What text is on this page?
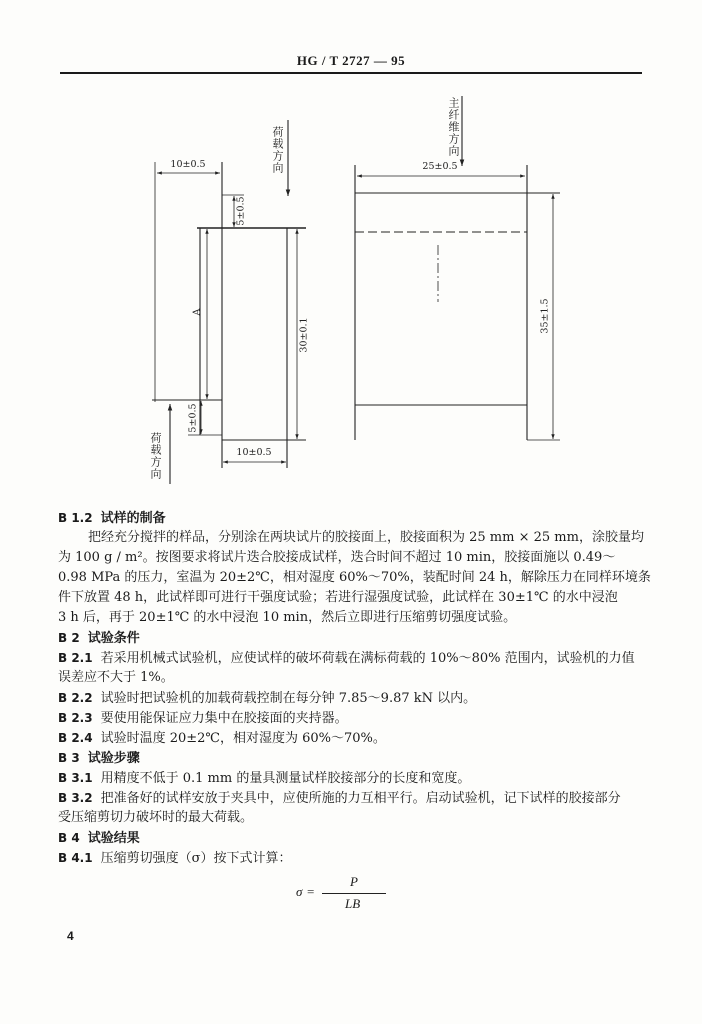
HG / T 2727 — 95
10±0.5
5±0.5
A
30±0.1
5±0.5
10±0.5
25±0.5
35±1.5
荷载方向
荷载方向
主纤维方向
B 1.2 试样的制备
把经充分搅拌的样品，分别涂在两块试片的胶接面上，胶接面积为 25 mm × 25 mm，涂胶量均
为 100 g / m²。按图要求将试片迭合胶接成试样，迭合时间不超过 10 min，胶接面施以 0.49～
0.98 MPa 的压力，室温为 20±2℃，相对湿度 60%～70%，装配时间 24 h，解除压力在同样环境条
件下放置 48 h，此试样即可进行干强度试验；若进行湿强度试验，此试样在 30±1℃ 的水中浸泡
3 h 后，再于 20±1℃ 的水中浸泡 10 min，然后立即进行压缩剪切强度试验。
B 2 试验条件
B 2.1 若采用机械式试验机，应使试样的破坏荷载在满标荷载的 10%～80% 范围内，试验机的力值
误差应不大于 1%。
B 2.2 试验时把试验机的加载荷载控制在每分钟 7.85～9.87 kN 以内。
B 2.3 要使用能保证应力集中在胶接面的夹持器。
B 2.4 试验时温度 20±2℃，相对湿度为 60%～70%。
B 3 试验步骤
B 3.1 用精度不低于 0.1 mm 的量具测量试样胶接部分的长度和宽度。
B 3.2 把准备好的试样安放于夹具中，应使所施的力互相平行。启动试验机，记下试样的胶接部分
受压缩剪切力破坏时的最大荷载。
B 4 试验结果
B 4.1 压缩剪切强度（σ）按下式计算：
σ =
P
LB
4
